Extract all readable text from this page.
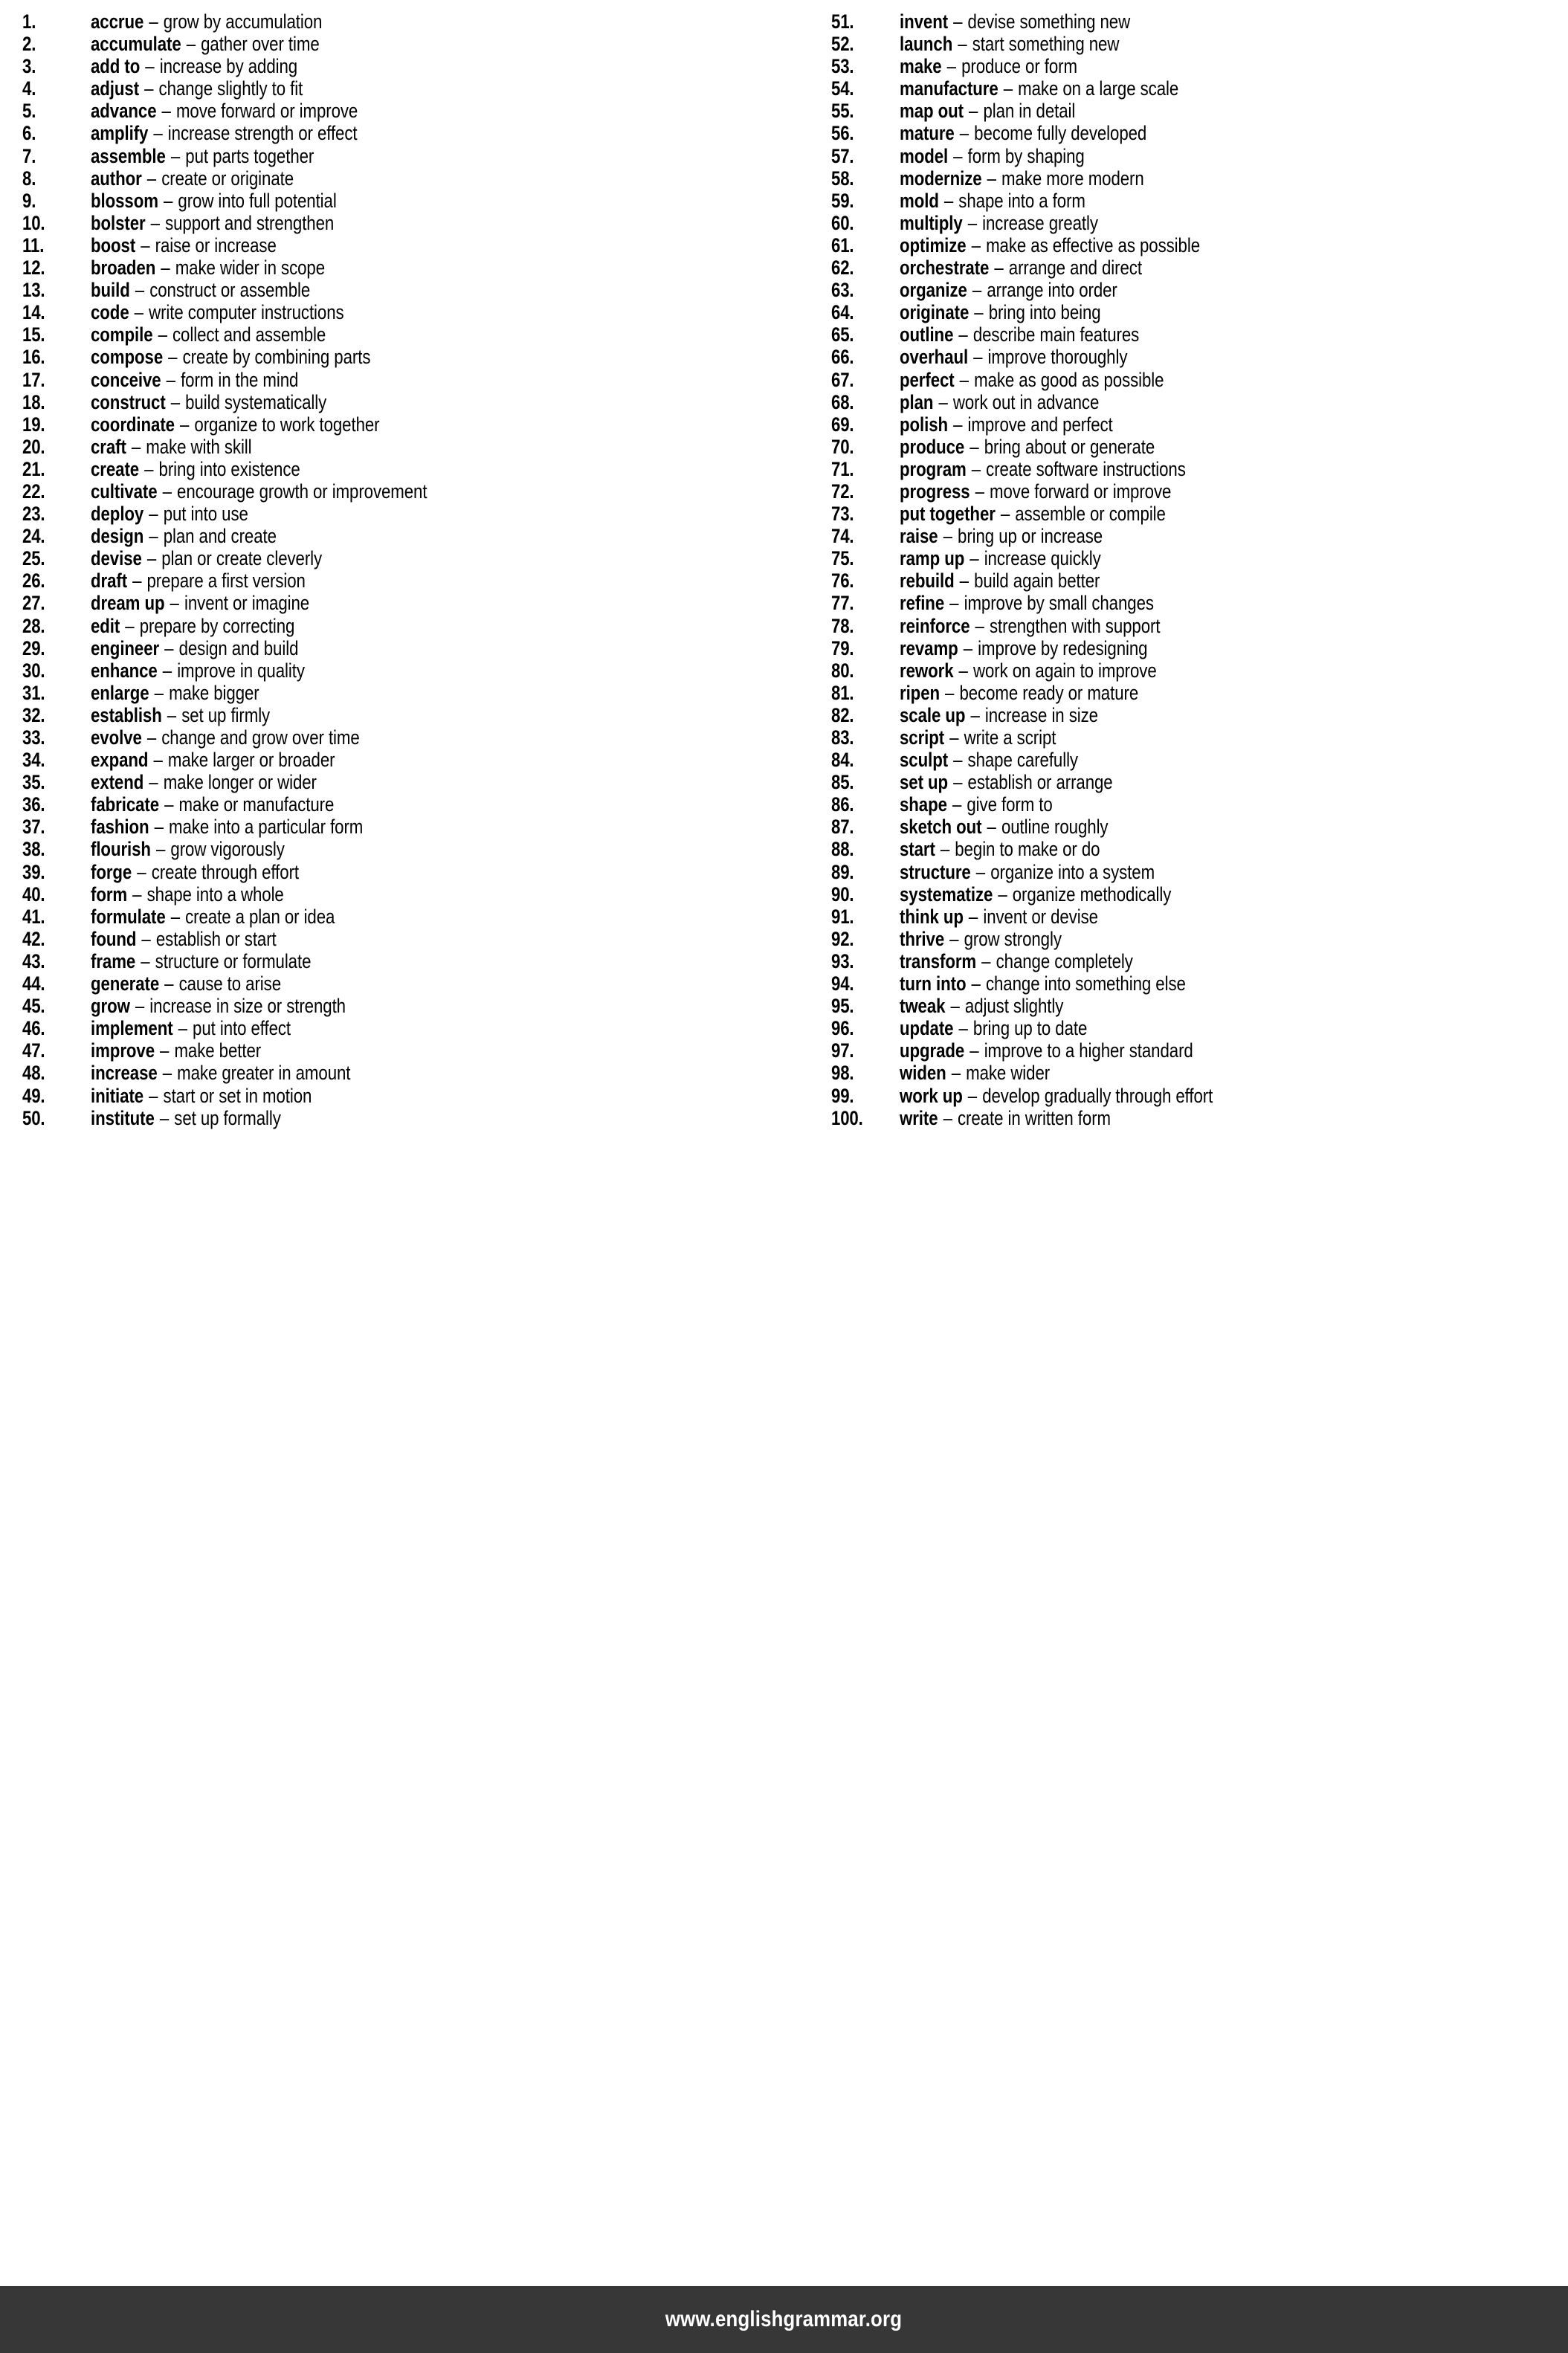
1.	accrue – grow by accumulation
2.	accumulate – gather over time
3.	add to – increase by adding
4.	adjust – change slightly to fit
5.	advance – move forward or improve
6.	amplify – increase strength or effect
7.	assemble – put parts together
8.	author – create or originate
9.	blossom – grow into full potential
10.	bolster – support and strengthen
11.	boost – raise or increase
12.	broaden – make wider in scope
13.	build – construct or assemble
14.	code – write computer instructions
15.	compile – collect and assemble
16.	compose – create by combining parts
17.	conceive – form in the mind
18.	construct – build systematically
19.	coordinate – organize to work together
20.	craft – make with skill
21.	create – bring into existence
22.	cultivate – encourage growth or improvement
23.	deploy – put into use
24.	design – plan and create
25.	devise – plan or create cleverly
26.	draft – prepare a first version
27.	dream up – invent or imagine
28.	edit – prepare by correcting
29.	engineer – design and build
30.	enhance – improve in quality
31.	enlarge – make bigger
32.	establish – set up firmly
33.	evolve – change and grow over time
34.	expand – make larger or broader
35.	extend – make longer or wider
36.	fabricate – make or manufacture
37.	fashion – make into a particular form
38.	flourish – grow vigorously
39.	forge – create through effort
40.	form – shape into a whole
41.	formulate – create a plan or idea
42.	found – establish or start
43.	frame – structure or formulate
44.	generate – cause to arise
45.	grow – increase in size or strength
46.	implement – put into effect
47.	improve – make better
48.	increase – make greater in amount
49.	initiate – start or set in motion
50.	institute – set up formally
51.	invent – devise something new
52.	launch – start something new
53.	make – produce or form
54.	manufacture – make on a large scale
55.	map out – plan in detail
56.	mature – become fully developed
57.	model – form by shaping
58.	modernize – make more modern
59.	mold – shape into a form
60.	multiply – increase greatly
61.	optimize – make as effective as possible
62.	orchestrate – arrange and direct
63.	organize – arrange into order
64.	originate – bring into being
65.	outline – describe main features
66.	overhaul – improve thoroughly
67.	perfect – make as good as possible
68.	plan – work out in advance
69.	polish – improve and perfect
70.	produce – bring about or generate
71.	program – create software instructions
72.	progress – move forward or improve
73.	put together – assemble or compile
74.	raise – bring up or increase
75.	ramp up – increase quickly
76.	rebuild – build again better
77.	refine – improve by small changes
78.	reinforce – strengthen with support
79.	revamp – improve by redesigning
80.	rework – work on again to improve
81.	ripen – become ready or mature
82.	scale up – increase in size
83.	script – write a script
84.	sculpt – shape carefully
85.	set up – establish or arrange
86.	shape – give form to
87.	sketch out – outline roughly
88.	start – begin to make or do
89.	structure – organize into a system
90.	systematize – organize methodically
91.	think up – invent or devise
92.	thrive – grow strongly
93.	transform – change completely
94.	turn into – change into something else
95.	tweak – adjust slightly
96.	update – bring up to date
97.	upgrade – improve to a higher standard
98.	widen – make wider
99.	work up – develop gradually through effort
100.	write – create in written form
www.englishgrammar.org
